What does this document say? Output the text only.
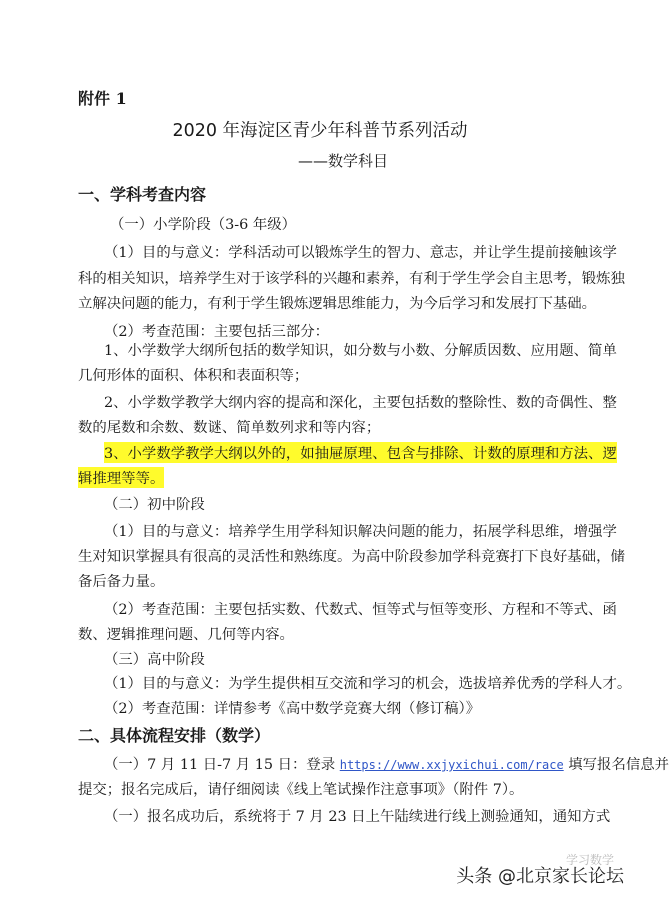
附件 1
2020 年海淀区青少年科普节系列活动
——数学科目
一、学科考查内容
（一）小学阶段（3-6 年级）
（1）目的与意义：学科活动可以锻炼学生的智力、意志，并让学生提前接触该学
科的相关知识，培养学生对于该学科的兴趣和素养，有利于学生学会自主思考，锻炼独
立解决问题的能力，有利于学生锻炼逻辑思维能力，为今后学习和发展打下基础。
（2）考查范围：主要包括三部分：
1、小学数学大纲所包括的数学知识，如分数与小数、分解质因数、应用题、简单
几何形体的面积、体积和表面积等；
2、小学数学教学大纲内容的提高和深化，主要包括数的整除性、数的奇偶性、整
数的尾数和余数、数谜、简单数列求和等内容；
3、小学数学教学大纲以外的，如抽屉原理、包含与排除、计数的原理和方法、逻
辑推理等等。
（二）初中阶段
（1）目的与意义：培养学生用学科知识解决问题的能力，拓展学科思维，增强学
生对知识掌握具有很高的灵活性和熟练度。为高中阶段参加学科竞赛打下良好基础，储
备后备力量。
（2）考查范围：主要包括实数、代数式、恒等式与恒等变形、方程和不等式、函
数、逻辑推理问题、几何等内容。
（三）高中阶段
（1）目的与意义：为学生提供相互交流和学习的机会，选拔培养优秀的学科人才。
（2）考查范围：详情参考《高中数学竞赛大纲（修订稿）》
二、具体流程安排（数学）
（一）7 月 11 日-7 月 15 日：登录 https://www.xxjyxichui.com/race 填写报名信息并
提交；报名完成后，请仔细阅读《线上笔试操作注意事项》（附件 7）。
（一）报名成功后，系统将于 7 月 23 日上午陆续进行线上测验通知，通知方式
学习数学
头条 @北京家长论坛
